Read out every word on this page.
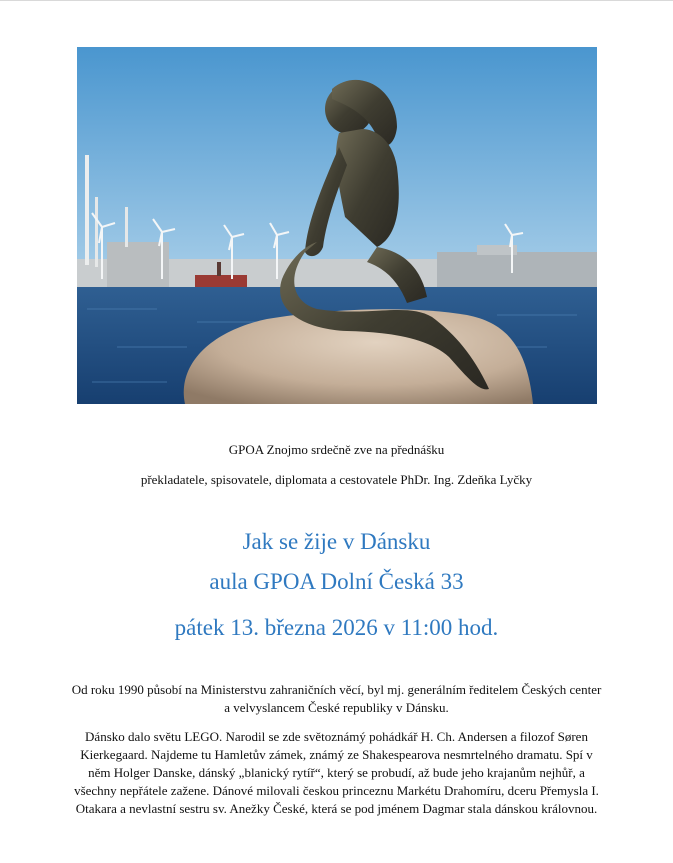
GPOA Znojmo srdečně zve na přednášku
překladatele, spisovatele, diplomata a cestovatele PhDr. Ing. Zdeňka Lyčky
Jak se žije v Dánsku
aula GPOA Dolní Česká 33
pátek 13. března 2026 v 11:00 hod.
Od roku 1990 působí na Ministerstvu zahraničních věcí, byl mj. generálním ředitelem Českých center a velvyslancem České republiky v Dánsku.
Dánsko dalo světu LEGO. Narodil se zde světoznámý pohádkář H. Ch. Andersen a filozof Søren Kierkegaard. Najdeme tu Hamletův zámek, známý ze Shakespearova nesmrtelného dramatu. Spí v něm Holger Danske, dánský „blanický rytíř“, který se probudí, až bude jeho krajanům nejhůř, a všechny nepřátele zažene. Dánové milovali českou princeznu Markétu Drahomíru, dceru Přemysla I. Otakara a nevlastní sestru sv. Anežky České, která se pod jménem Dagmar stala dánskou královnou.
